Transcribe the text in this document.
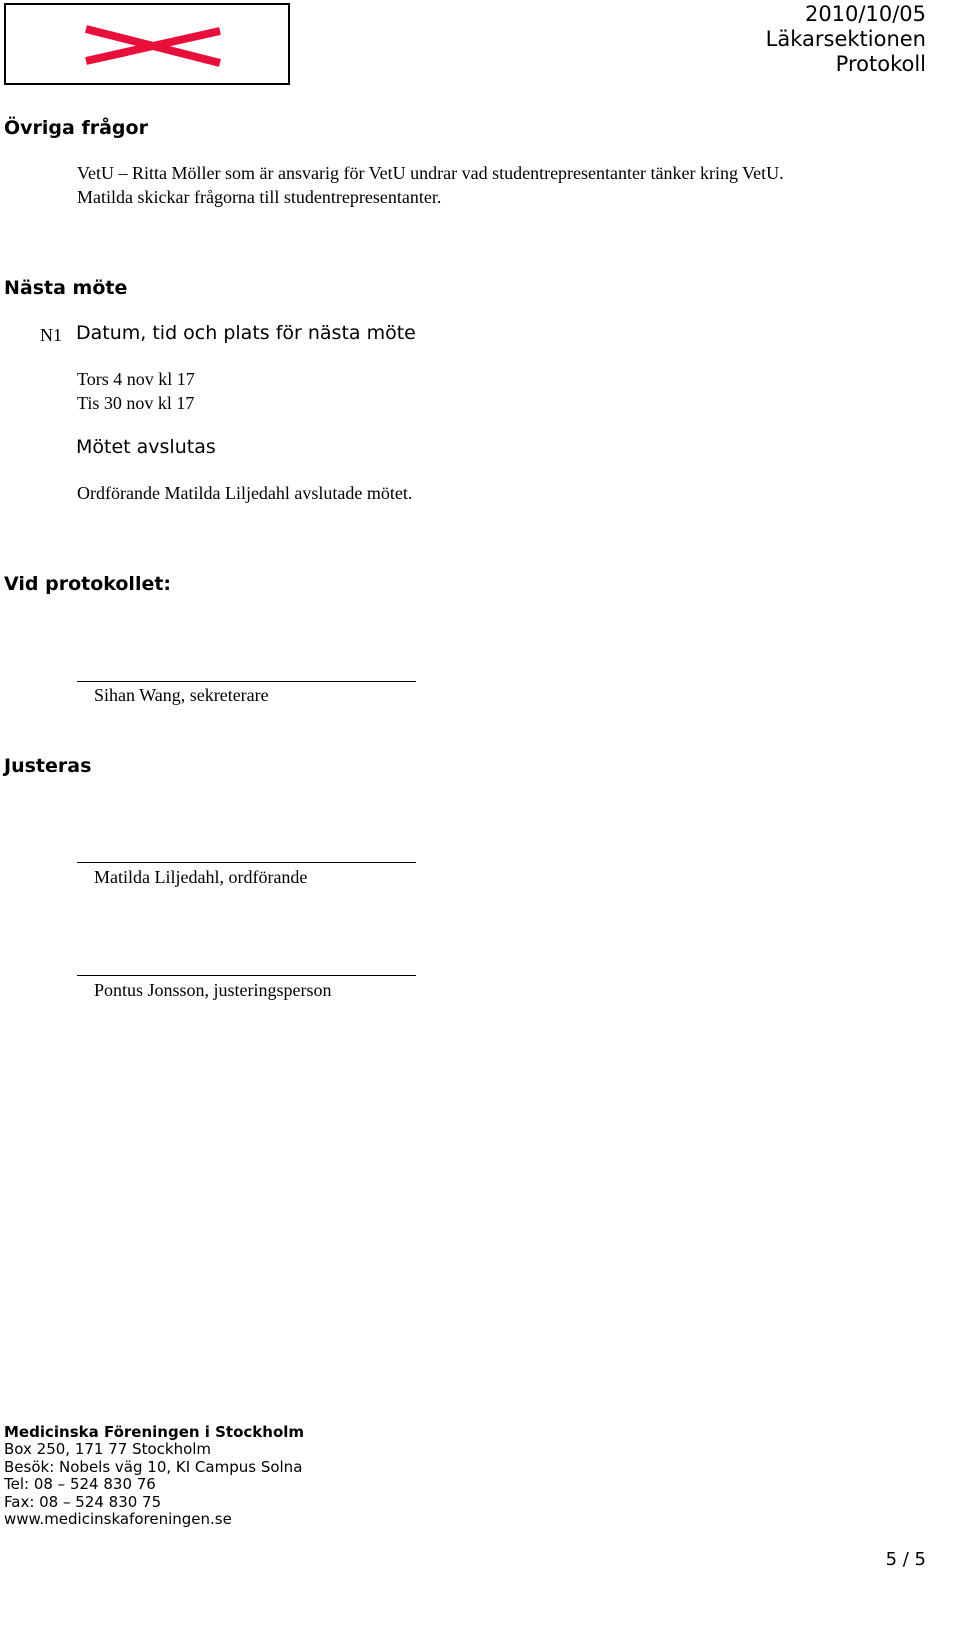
2010/10/05
Läkarsektionen
Protokoll
Övriga frågor

VetU – Ritta Möller som är ansvarig för VetU undrar vad studentrepresentanter tänker kring VetU.

Matilda skickar frågorna till studentrepresentanter.

Nästa möte
N1 Datum, tid och plats för nästa möte

Tors 4 nov kl 17

Tis 30 nov kl 17

Mötet avslutas

Ordförande Matilda Liljedahl avslutade mötet.

Vid protokollet:
Sihan Wang, sekreterare
Justeras
Matilda Liljedahl, ordförande
Pontus Jonsson, justeringsperson
Medicinska Föreningen i Stockholm
Box 250, 171 77 Stockholm
Besök: Nobels väg 10, KI Campus Solna
Tel: 08 – 524 830 76
Fax: 08 – 524 830 75
www.medicinskaforeningen.se
5 / 5
